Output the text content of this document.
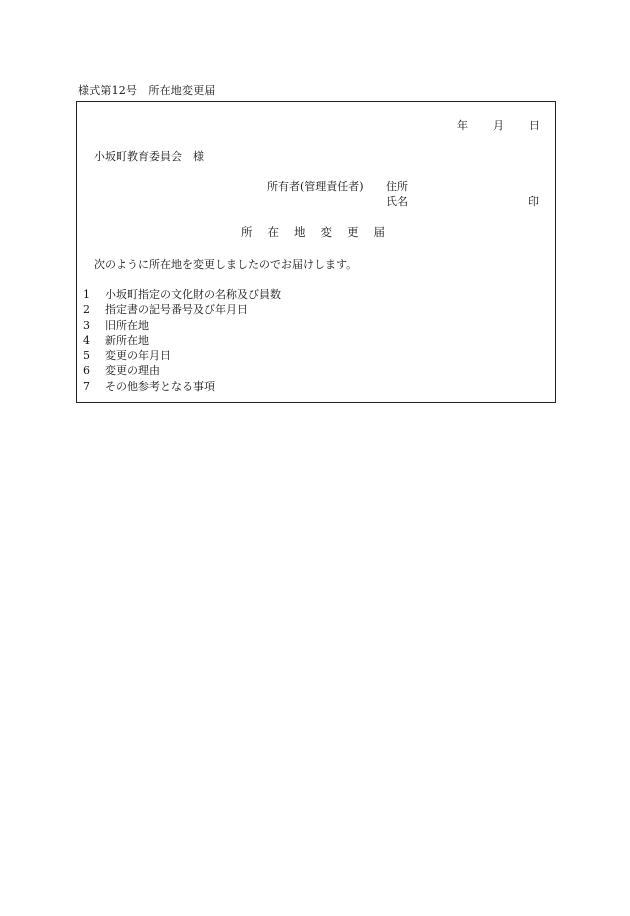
様式第12号　所在地変更届
年 月 日
小坂町教育委員会　様
所有者(管理責任者) 住所
氏名	印
所在地変更届
次のように所在地を変更しましたのでお届けします。
1 小坂町指定の文化財の名称及び員数
2 指定書の記号番号及び年月日
3 旧所在地
4 新所在地
5 変更の年月日
6 変更の理由
7 その他参考となる事項
